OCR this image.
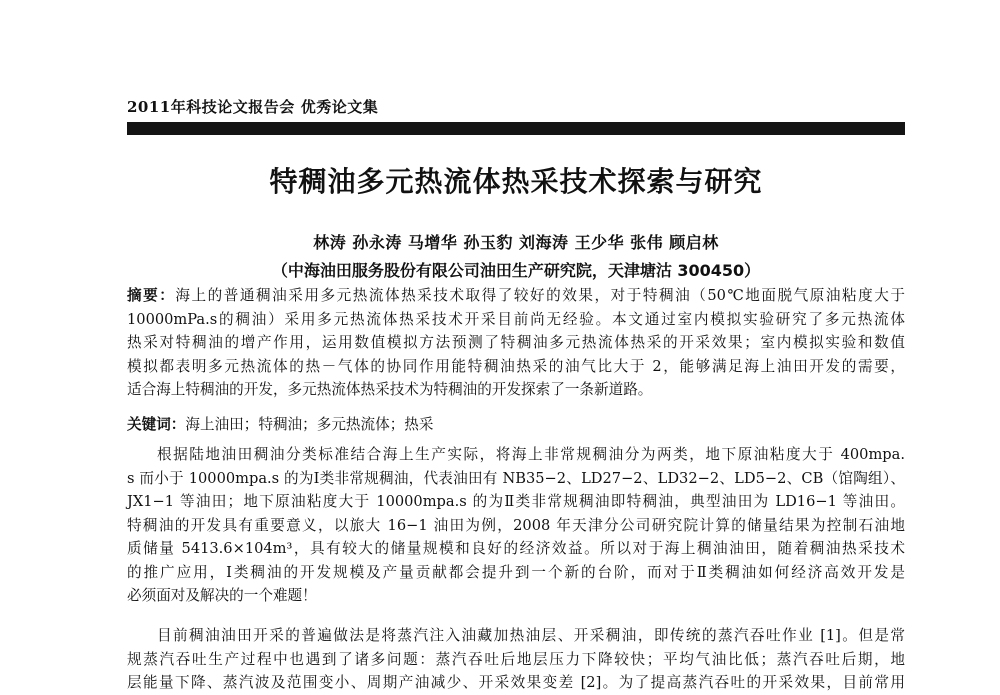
2011年科技论文报告会 优秀论文集
特稠油多元热流体热采技术探索与研究
林涛 孙永涛 马增华 孙玉豹 刘海涛 王少华 张伟 顾启林
（中海油田服务股份有限公司油田生产研究院，天津塘沽 300450）
摘要：海上的普通稠油采用多元热流体热采技术取得了较好的效果，对于特稠油（50℃地面脱气原油粘度大于
10000mPa.s的稠油）采用多元热流体热采技术开采目前尚无经验。本文通过室内模拟实验研究了多元热流体
热采对特稠油的增产作用，运用数值模拟方法预测了特稠油多元热流体热采的开采效果；室内模拟实验和数值
模拟都表明多元热流体的热－气体的协同作用能特稠油热采的油气比大于 2，能够满足海上油田开发的需要，
适合海上特稠油的开发，多元热流体热采技术为特稠油的开发探索了一条新道路。
关键词：海上油田；特稠油；多元热流体；热采
根据陆地油田稠油分类标准结合海上生产实际，将海上非常规稠油分为两类，地下原油粘度大于 400mpa.
s 而小于 10000mpa.s 的为Ⅰ类非常规稠油，代表油田有 NB35−2、LD27−2、LD32−2、LD5−2、CB（馆陶组）、
JX1−1 等油田；地下原油粘度大于 10000mpa.s 的为Ⅱ类非常规稠油即特稠油，典型油田为 LD16−1 等油田。
特稠油的开发具有重要意义，以旅大 16−1 油田为例，2008 年天津分公司研究院计算的储量结果为控制石油地
质储量 5413.6×104m³，具有较大的储量规模和良好的经济效益。所以对于海上稠油油田，随着稠油热采技术
的推广应用，Ⅰ类稠油的开发规模及产量贡献都会提升到一个新的台阶，而对于Ⅱ类稠油如何经济高效开发是
必须面对及解决的一个难题！
目前稠油油田开采的普遍做法是将蒸汽注入油藏加热油层、开采稠油，即传统的蒸汽吞吐作业 [1]。但是常
规蒸汽吞吐生产过程中也遇到了诸多问题：蒸汽吞吐后地层压力下降较快；平均气油比低；蒸汽吞吐后期，地
层能量下降、蒸汽波及范围变小、周期产油减少、开采效果变差 [2]。为了提高蒸汽吞吐的开采效果，目前常用
